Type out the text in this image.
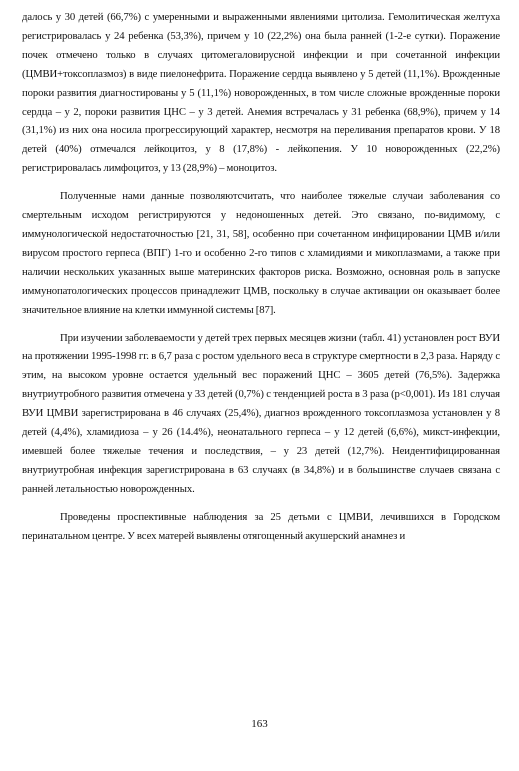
далось у 30 детей (66,7%) с умеренными и выраженными явлениями цитолиза. Гемолитическая желтуха регистрировалась у 24 ребенка (53,3%), причем у 10 (22,2%) она была ранней (1-2-е сутки). Поражение почек отмечено только в случаях цитомегаловирусной инфекции и при сочетанной инфекции (ЦМВИ+токсоплазмоз) в виде пиелонефрита. Поражение сердца выявлено у 5 детей (11,1%). Врожденные пороки развития диагностированы у 5 (11,1%) новорожденных, в том числе сложные врожденные пороки сердца – у 2, пороки развития ЦНС – у 3 детей. Анемия встречалась у 31 ребенка (68,9%), причем у 14 (31,1%) из них она носила прогрессирующий характер, несмотря на переливания препаратов крови. У 18 детей (40%) отмечался лейкоцитоз, у 8 (17,8%) - лейкопения. У 10 новорожденных (22,2%) регистрировалась лимфоцитоз, у 13 (28,9%) – моноцитоз.

Полученные нами данные позволяютсчитать, что наиболее тяжелые случаи заболевания со смертельным исходом регистрируются у недоношенных детей. Это связано, по-видимому, с иммунологической недостаточностью [21, 31, 58], особенно при сочетанном инфицировании ЦМВ и/или вирусом простого герпеса (ВПГ) 1-го и особенно 2-го типов с хламидиями и микоплазмами, а также при наличии нескольких указанных выше материнских факторов риска. Возможно, основная роль в запуске иммунопатологических процессов принадлежит ЦМВ, поскольку в случае активации он оказывает более значительное влияние на клетки иммунной системы [87].

При изучении заболеваемости у детей трех первых месяцев жизни (табл. 41) установлен рост ВУИ на протяжении 1995-1998 гг. в 6,7 раза с ростом удельного веса в структуре смертности в 2,3 раза. Наряду с этим, на высоком уровне остается удельный вес поражений ЦНС – 3605 детей (76,5%). Задержка внутриутробного развития отмечена у 33 детей (0,7%) с тенденцией роста в 3 раза (р<0,001). Из 181 случая ВУИ ЦМВИ зарегистрирована в 46 случаях (25,4%), диагноз врожденного токсоплазмоза установлен у 8 детей (4,4%), хламидиоза – у 26 (14.4%), неонатального герпеса – у 12 детей (6,6%), микст-инфекции, имевшей более тяжелые течения и последствия, – у 23 детей (12,7%). Неидентифицированная внутриутробная инфекция зарегистрирована в 63 случаях (в 34,8%) и в большинстве случаев связана с ранней летальностью новорожденных.

Проведены проспективные наблюдения за 25 детьми с ЦМВИ, лечившихся в Городском перинатальном центре. У всех матерей выявлены отягощенный акушерский анамнез и

163
